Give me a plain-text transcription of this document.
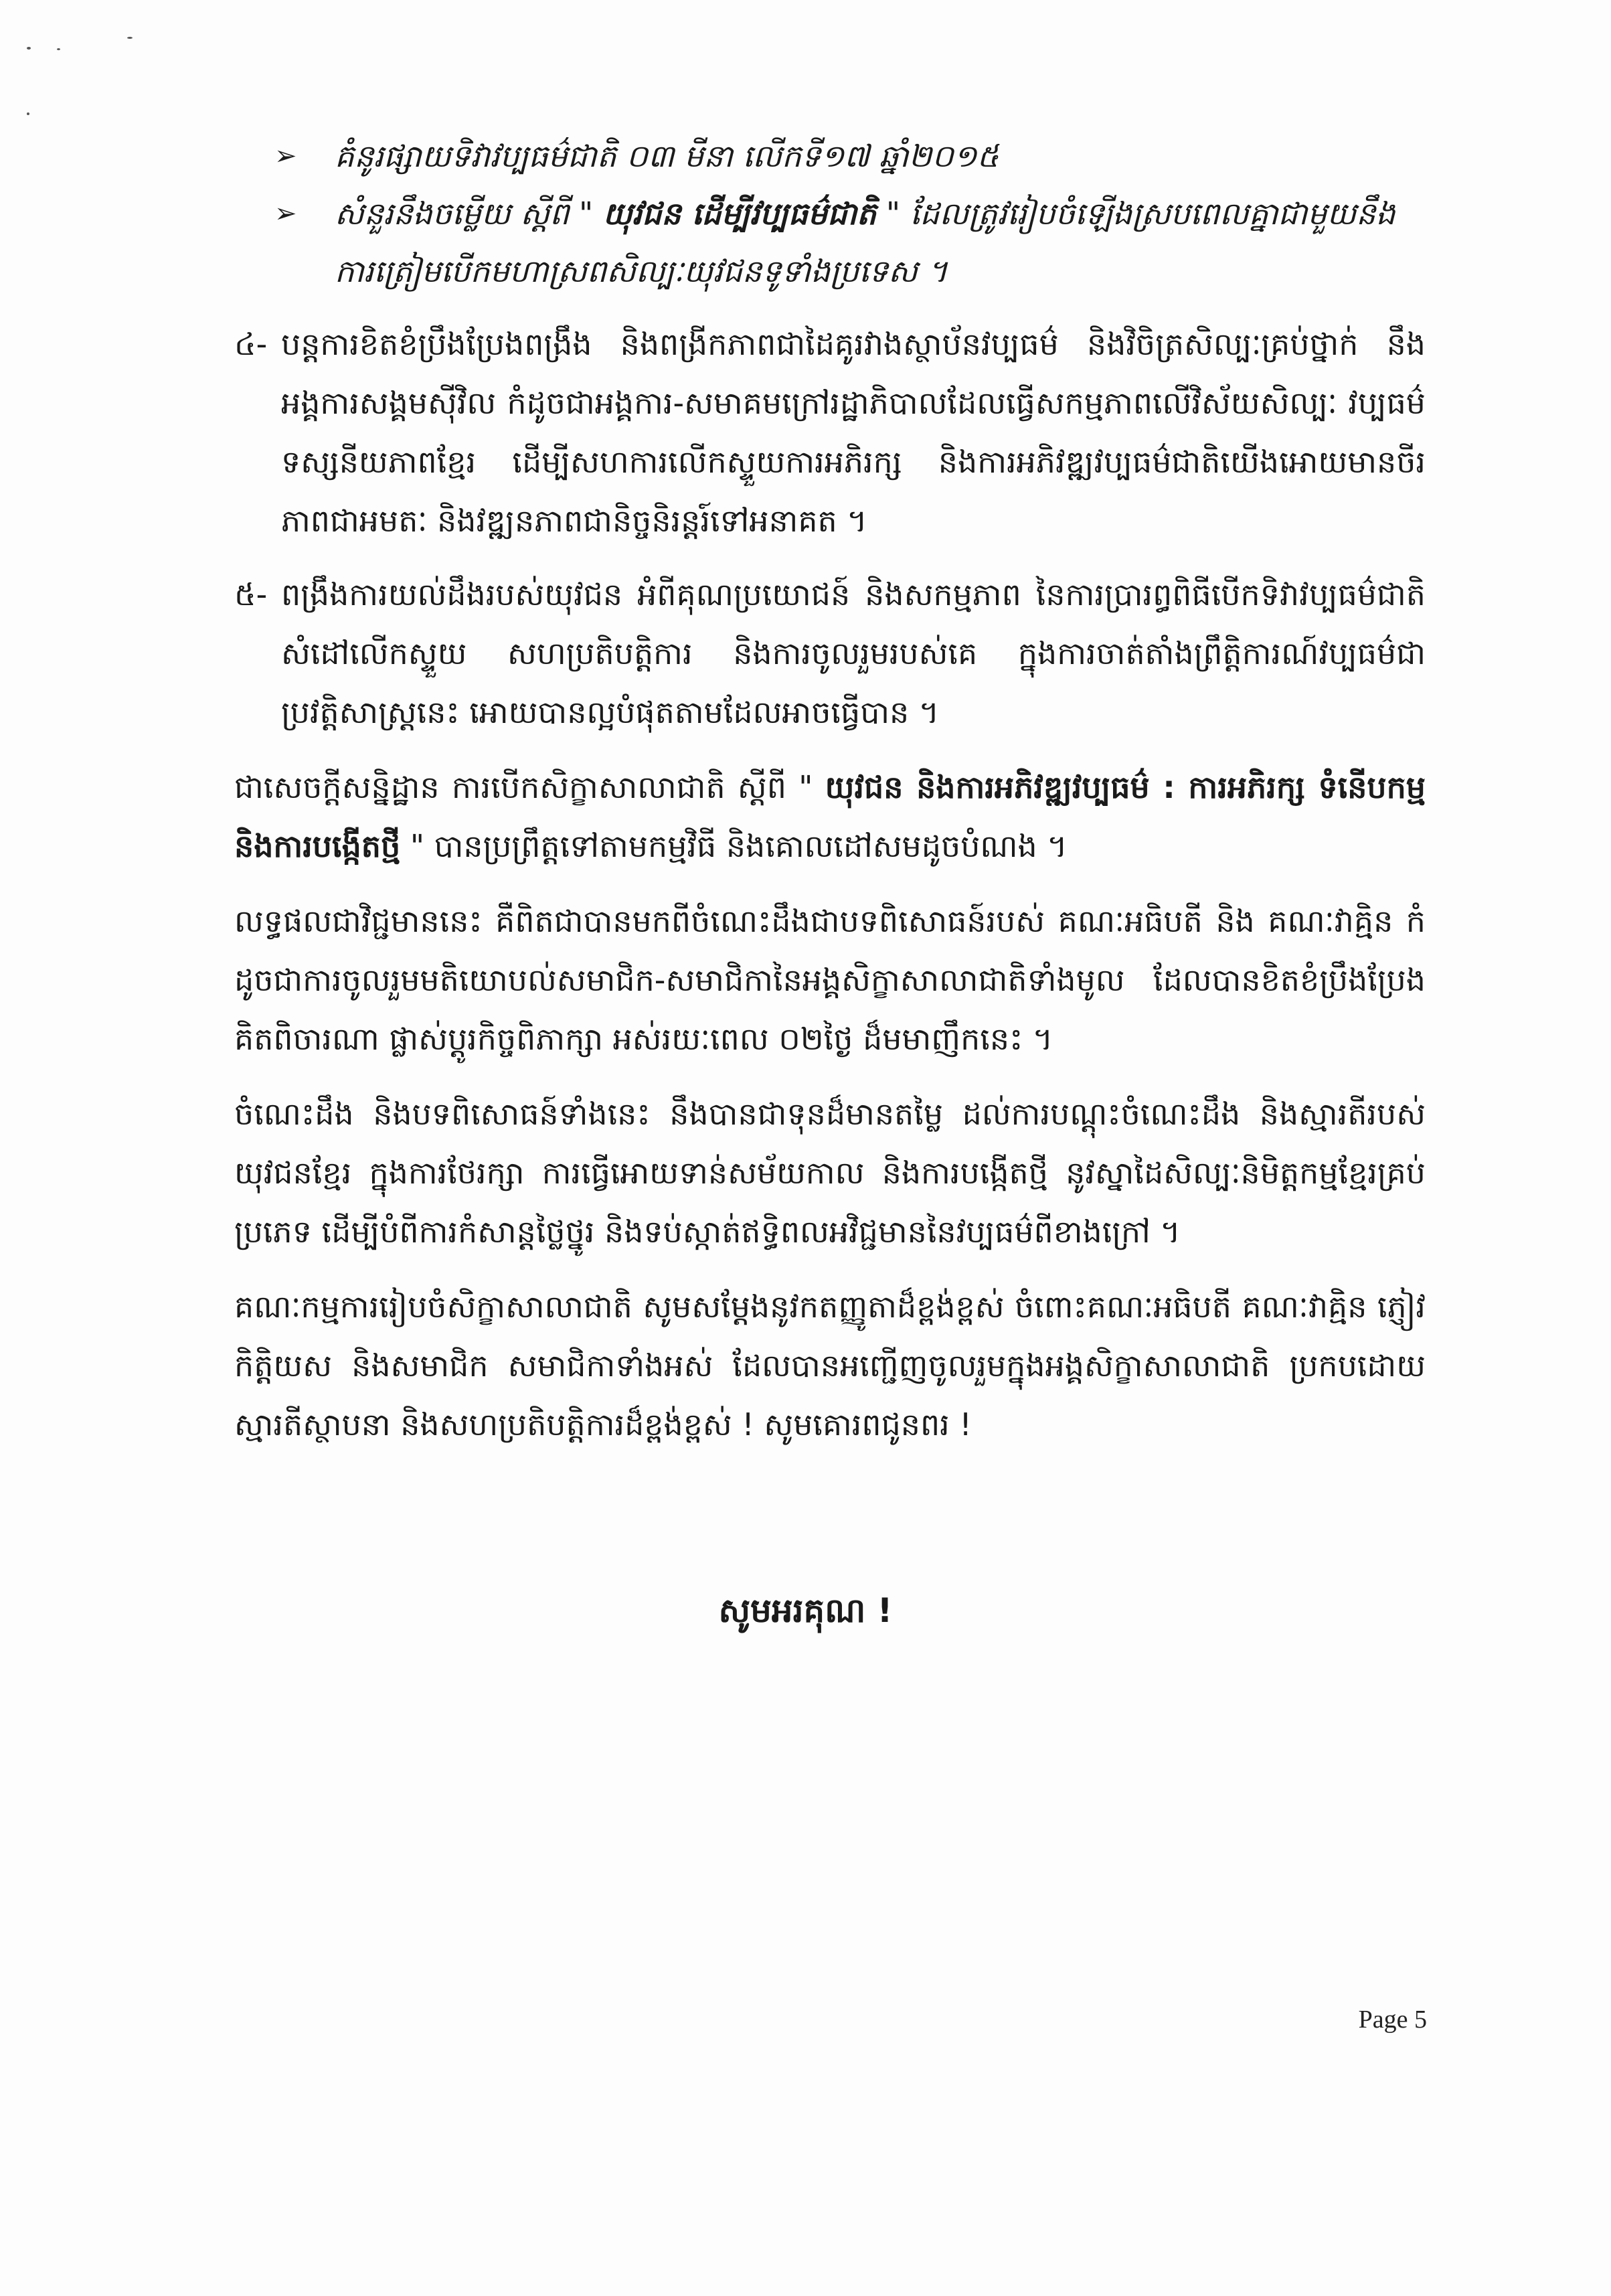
➢ គំនូរផ្សាយទិវាវប្បធម៌ជាតិ ០៣ មីនា លើកទី១៧ ឆ្នាំ២០១៥
➢ សំនួរនឹងចម្លើយ ស្តីពី " យុវជន ដើម្បីវប្បធម៌ជាតិ " ដែលត្រូវរៀបចំឡើងស្របពេលគ្នាជាមួយនឹងការត្រៀមបើកមហាស្រពសិល្បៈយុវជនទូទាំងប្រទេស ។
៤- បន្តការខិតខំប្រឹងប្រែងពង្រឹង និងពង្រីកភាពជាដៃគូរវាងស្ថាប័នវប្បធម៌ និងវិចិត្រសិល្បៈគ្រប់ថ្នាក់ នឹងអង្គការសង្គមស៊ីវិល កំដូចជាអង្គការ-សមាគមក្រៅរដ្ឋាភិបាលដែលធ្វើសកម្មភាពលើវិស័យសិល្បៈ វប្បធម៌ទស្សនីយភាពខ្មែរ ដើម្បីសហការលើកស្ទួយការអភិរក្ស និងការអភិវឌ្ឍវប្បធម៌ជាតិយើងអោយមានចីរភាពជាអមតៈ និងវឌ្ឍនភាពជានិច្ចនិរន្តរ៍ទៅអនាគត ។
៥- ពង្រឹងការយល់ដឹងរបស់យុវជន អំពីគុណប្រយោជន៍ និងសកម្មភាព នៃការប្រារព្ធពិធីបើកទិវាវប្បធម៌ជាតិ សំដៅលើកស្ទួយ សហប្រតិបត្តិការ និងការចូលរួមរបស់គេ ក្នុងការចាត់តាំងព្រឹត្តិការណ៍វប្បធម៌ជាប្រវត្តិសាស្ត្រនេះ អោយបានល្អបំផុតតាមដែលអាចធ្វើបាន ។
ជាសេចក្តីសន្និដ្ឋាន ការបើកសិក្ខាសាលាជាតិ ស្តីពី " យុវជន និងការអភិវឌ្ឍវប្បធម៌ : ការអភិរក្ស ទំនើបកម្ម និងការបង្កើតថ្មី " បានប្រព្រឹត្តទៅតាមកម្មវិធី និងគោលដៅសមដូចបំណង ។
លទ្ធផលជាវិជ្ជមាននេះ គឺពិតជាបានមកពីចំណេះដឹងជាបទពិសោធន៍របស់ គណៈអធិបតី និង គណៈវាគ្មិន កំដូចជាការចូលរួមមតិយោបល់សមាជិក-សមាជិកានៃអង្គសិក្ខាសាលាជាតិទាំងមូល ដែលបានខិតខំប្រឹងប្រែងគិតពិចារណា ផ្លាស់ប្តូរកិច្ចពិភាក្សា អស់រយៈពេល ០២ថ្ងៃ ដ៏មមាញឹកនេះ ។
ចំណេះដឹង និងបទពិសោធន៍ទាំងនេះ នឹងបានជាទុនដ៏មានតម្លៃ ដល់ការបណ្តុះចំណេះដឹង និងស្មារតីរបស់យុវជនខ្មែរ ក្នុងការថែរក្សា ការធ្វើអោយទាន់សម័យកាល និងការបង្កើតថ្មី នូវស្នាដៃសិល្បៈនិមិត្តកម្មខ្មែរគ្រប់ប្រភេទ ដើម្បីបំពីការកំសាន្តថ្លៃថ្នូរ និងទប់ស្កាត់ឥទ្ធិពលអវិជ្ជមាននៃវប្បធម៌ពីខាងក្រៅ ។
គណៈកម្មការរៀបចំសិក្ខាសាលាជាតិ សូមសម្តែងនូវកតញ្ញូតាដ៏ខ្ពង់ខ្ពស់ ចំពោះគណៈអធិបតី គណៈវាគ្មិន ភ្ញៀវកិត្តិយស និងសមាជិក សមាជិកាទាំងអស់ ដែលបានអញ្ជើញចូលរួមក្នុងអង្គសិក្ខាសាលាជាតិ ប្រកបដោយស្មារតីស្ថាបនា និងសហប្រតិបត្តិការដ៏ខ្ពង់ខ្ពស់ ! សូមគោរពជូនពរ !
សូមអរគុណ !
Page 5
